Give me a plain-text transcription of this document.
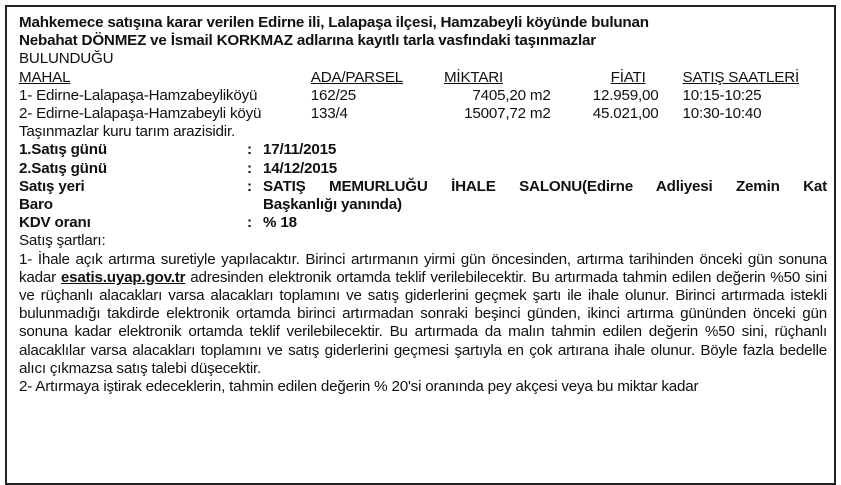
Mahkemece satışına karar verilen Edirne ili, Lalapaşa ilçesi, Hamzabeyli köyünde bulunan
Nebahat DÖNMEZ ve İsmail KORKMAZ adlarına kayıtlı tarla vasfındaki taşınmazlar
BULUNDUĞU
MAHAL	ADA/PARSEL	MİKTARI	FİATI	SATIŞ SAATLERİ
1- Edirne-Lalapaşa-Hamzabeyliköyü	162/25	7405,20 m2	12.959,00	10:15-10:25
2- Edirne-Lalapaşa-Hamzabeyli köyü	133/4	15007,72 m2	45.021,00	10:30-10:40
Taşınmazlar kuru tarım arazisidir.
1.Satış günü	: 17/11/2015
2.Satış günü	: 14/12/2015
Satış yeri	: SATIŞ MEMURLUĞU İHALE SALONU(Edirne Adliyesi Zemin Kat
Baro	Başkanlığı yanında)
KDV oranı	: % 18
Satış şartları:
1- İhale açık artırma suretiyle yapılacaktır. Birinci artırmanın yirmi gün öncesinden, artırma tarihinden önceki gün sonuna kadar esatis.uyap.gov.tr adresinden elektronik ortamda teklif verilebilecektir. Bu artırmada tahmin edilen değerin %50 sini ve rüçhanlı alacakları varsa alacakları toplamını ve satış giderlerini geçmek şartı ile ihale olunur. Birinci artırmada istekli bulunmadığı takdirde elektronik ortamda birinci artırmadan sonraki beşinci günden, ikinci artırma gününden önceki gün sonuna kadar elektronik ortamda teklif verilebilecektir. Bu artırmada da malın tahmin edilen değerin %50 sini, rüçhanlı alacaklılar varsa alacakları toplamını ve satış giderlerini geçmesi şartıyla en çok artırana ihale olunur. Böyle fazla bedelle alıcı çıkmazsa satış talebi düşecektir.
2- Artırmaya iştirak edeceklerin, tahmin edilen değerin % 20'si oranında pey akçesi veya bu miktar kadar
